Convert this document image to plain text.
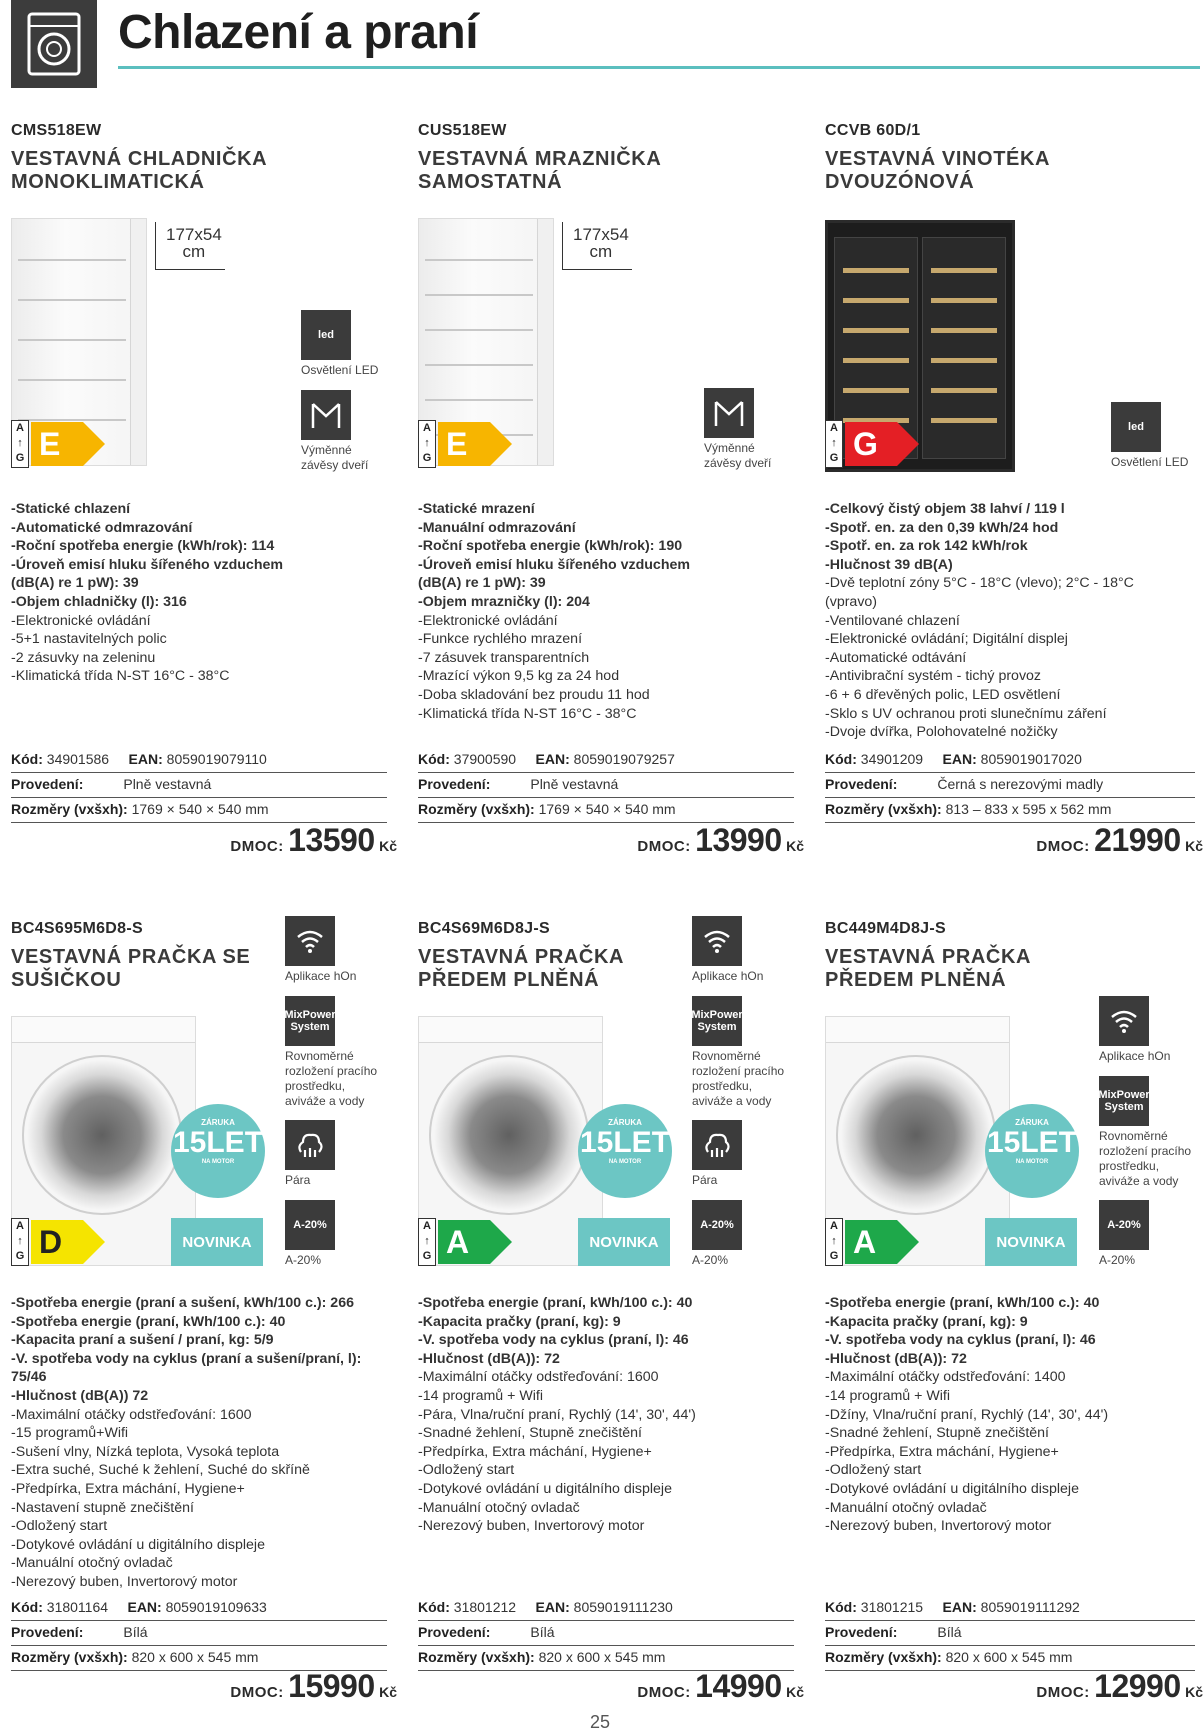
Chlazení a praní
CMS518EW
VESTAVNÁ CHLADNIČKA MONOKLIMATICKÁ
177x54
cm
led
Osvětlení LED
Výměnné závěsy dveří
A
↑
G E
-Statické chlazení
-Automatické odmrazování
-Roční spotřeba energie (kWh/rok): 114
-Úroveň emisí hluku šířeného vzduchem
(dB(A) re 1 pW): 39
-Objem chladničky (l): 316
-Elektronické ovládání
-5+1 nastavitelných polic
-2 zásuvky na zeleninu
-Klimatická třída N-ST 16°C - 38°C
Kód: 34901586 EAN: 8059019079110
Provedení:	Plně vestavná
Rozměry (vxšxh): 1769 × 540 × 540 mm
DMOC: 13590 Kč
CUS518EW
VESTAVNÁ MRAZNIČKA SAMOSTATNÁ
177x54
cm
Výměnné závěsy dveří
A
↑
G E
-Statické mrazení
-Manuální odmrazování
-Roční spotřeba energie (kWh/rok): 190
-Úroveň emisí hluku šířeného vzduchem
(dB(A) re 1 pW): 39
-Objem mrazničky (l): 204
-Elektronické ovládání
-Funkce rychlého mrazení
-7 zásuvek transparentních
-Mrazící výkon 9,5 kg za 24 hod
-Doba skladování bez proudu 11 hod
-Klimatická třída N-ST 16°C - 38°C
Kód: 37900590 EAN: 8059019079257
Provedení:	Plně vestavná
Rozměry (vxšxh): 1769 × 540 × 540 mm
DMOC: 13990 Kč
CCVB 60D/1
VESTAVNÁ VINOTÉKA DVOUZÓNOVÁ
led
Osvětlení LED
A
↑
G G
-Celkový čistý objem 38 lahví / 119 l
-Spotř. en. za den 0,39 kWh/24 hod
-Spotř. en. za rok 142 kWh/rok
-Hlučnost 39 dB(A)
-Dvě teplotní zóny 5°C - 18°C (vlevo); 2°C - 18°C
(vpravo)
-Ventilované chlazení
-Elektronické ovládání; Digitální displej
-Automatické odtávání
-Antivibrační systém - tichý provoz
-6 + 6 dřevěných polic, LED osvětlení
-Sklo s UV ochranou proti slunečnímu záření
-Dvoje dvířka, Polohovatelné nožičky
Kód: 34901209 EAN: 8059019017020
Provedení:	Černá s nerezovými madly
Rozměry (vxšxh): 813 – 833 x 595 x 562 mm
DMOC: 21990 Kč
BC4S695M6D8-S
VESTAVNÁ PRAČKA SE SUŠIČKOU	Aplikace hOn
MixPower System
Rovnoměrné rozložení pracího prostředku, aviváže a vody
Pára
A-20%
A-20%
ZÁRUKA
15LET
NA MOTOR
NOVINKA
A
↑
G D
-Spotřeba energie (praní a sušení, kWh/100 c.): 266
-Spotřeba energie (praní, kWh/100 c.): 40
-Kapacita praní a sušení / praní, kg: 5/9
-V. spotřeba vody na cyklus (praní a sušení/praní, l): 75/46
-Hlučnost (dB(A)) 72
-Maximální otáčky odstřeďování: 1600
-15 programů+Wifi
-Sušení vlny, Nízká teplota, Vysoká teplota
-Extra suché, Suché k žehlení, Suché do skříně
-Předpírka, Extra máchání, Hygiene+
-Nastavení stupně znečištění
-Odložený start
-Dotykové ovládání u digitálního displeje
-Manuální otočný ovladač
-Nerezový buben, Invertorový motor
Kód: 31801164 EAN: 8059019109633
Provedení:	Bílá
Rozměry (vxšxh): 820 x 600 x 545 mm
DMOC: 15990 Kč
BC4S69M6D8J-S
VESTAVNÁ PRAČKA PŘEDEM PLNĚNÁ	Aplikace hOn
MixPower System
Rovnoměrné rozložení pracího prostředku, aviváže a vody
Pára
A-20%
A-20%
ZÁRUKA
15LET
NA MOTOR
NOVINKA
A
↑
G A
-Spotřeba energie (praní, kWh/100 c.): 40
-Kapacita pračky (praní, kg): 9
-V. spotřeba vody na cyklus (praní, l): 46
-Hlučnost (dB(A)): 72
-Maximální otáčky odstřeďování: 1600
-14 programů + Wifi
-Pára, Vlna/ruční praní, Rychlý (14', 30', 44')
-Snadné žehlení, Stupně znečištění
-Předpírka, Extra máchání, Hygiene+
-Odložený start
-Dotykové ovládání u digitálního displeje
-Manuální otočný ovladač
-Nerezový buben, Invertorový motor
Kód: 31801212 EAN: 8059019111230
Provedení:	Bílá
Rozměry (vxšxh): 820 x 600 x 545 mm
DMOC: 14990 Kč
BC449M4D8J-S
VESTAVNÁ PRAČKA PŘEDEM PLNĚNÁ
Aplikace hOn
MixPower System
Rovnoměrné rozložení pracího prostředku, aviváže a vody
A-20%
A-20%
ZÁRUKA
15LET
NA MOTOR
NOVINKA
A
↑
G A
-Spotřeba energie (praní, kWh/100 c.): 40
-Kapacita pračky (praní, kg): 9
-V. spotřeba vody na cyklus (praní, l): 46
-Hlučnost (dB(A)): 72
-Maximální otáčky odstřeďování: 1400
-14 programů + Wifi
-Džíny, Vlna/ruční praní, Rychlý (14', 30', 44')
-Snadné žehlení, Stupně znečištění
-Předpírka, Extra máchání, Hygiene+
-Odložený start
-Dotykové ovládání u digitálního displeje
-Manuální otočný ovladač
-Nerezový buben, Invertorový motor
Kód: 31801215 EAN: 8059019111292
Provedení:	Bílá
Rozměry (vxšxh): 820 x 600 x 545 mm
DMOC: 12990 Kč
25
